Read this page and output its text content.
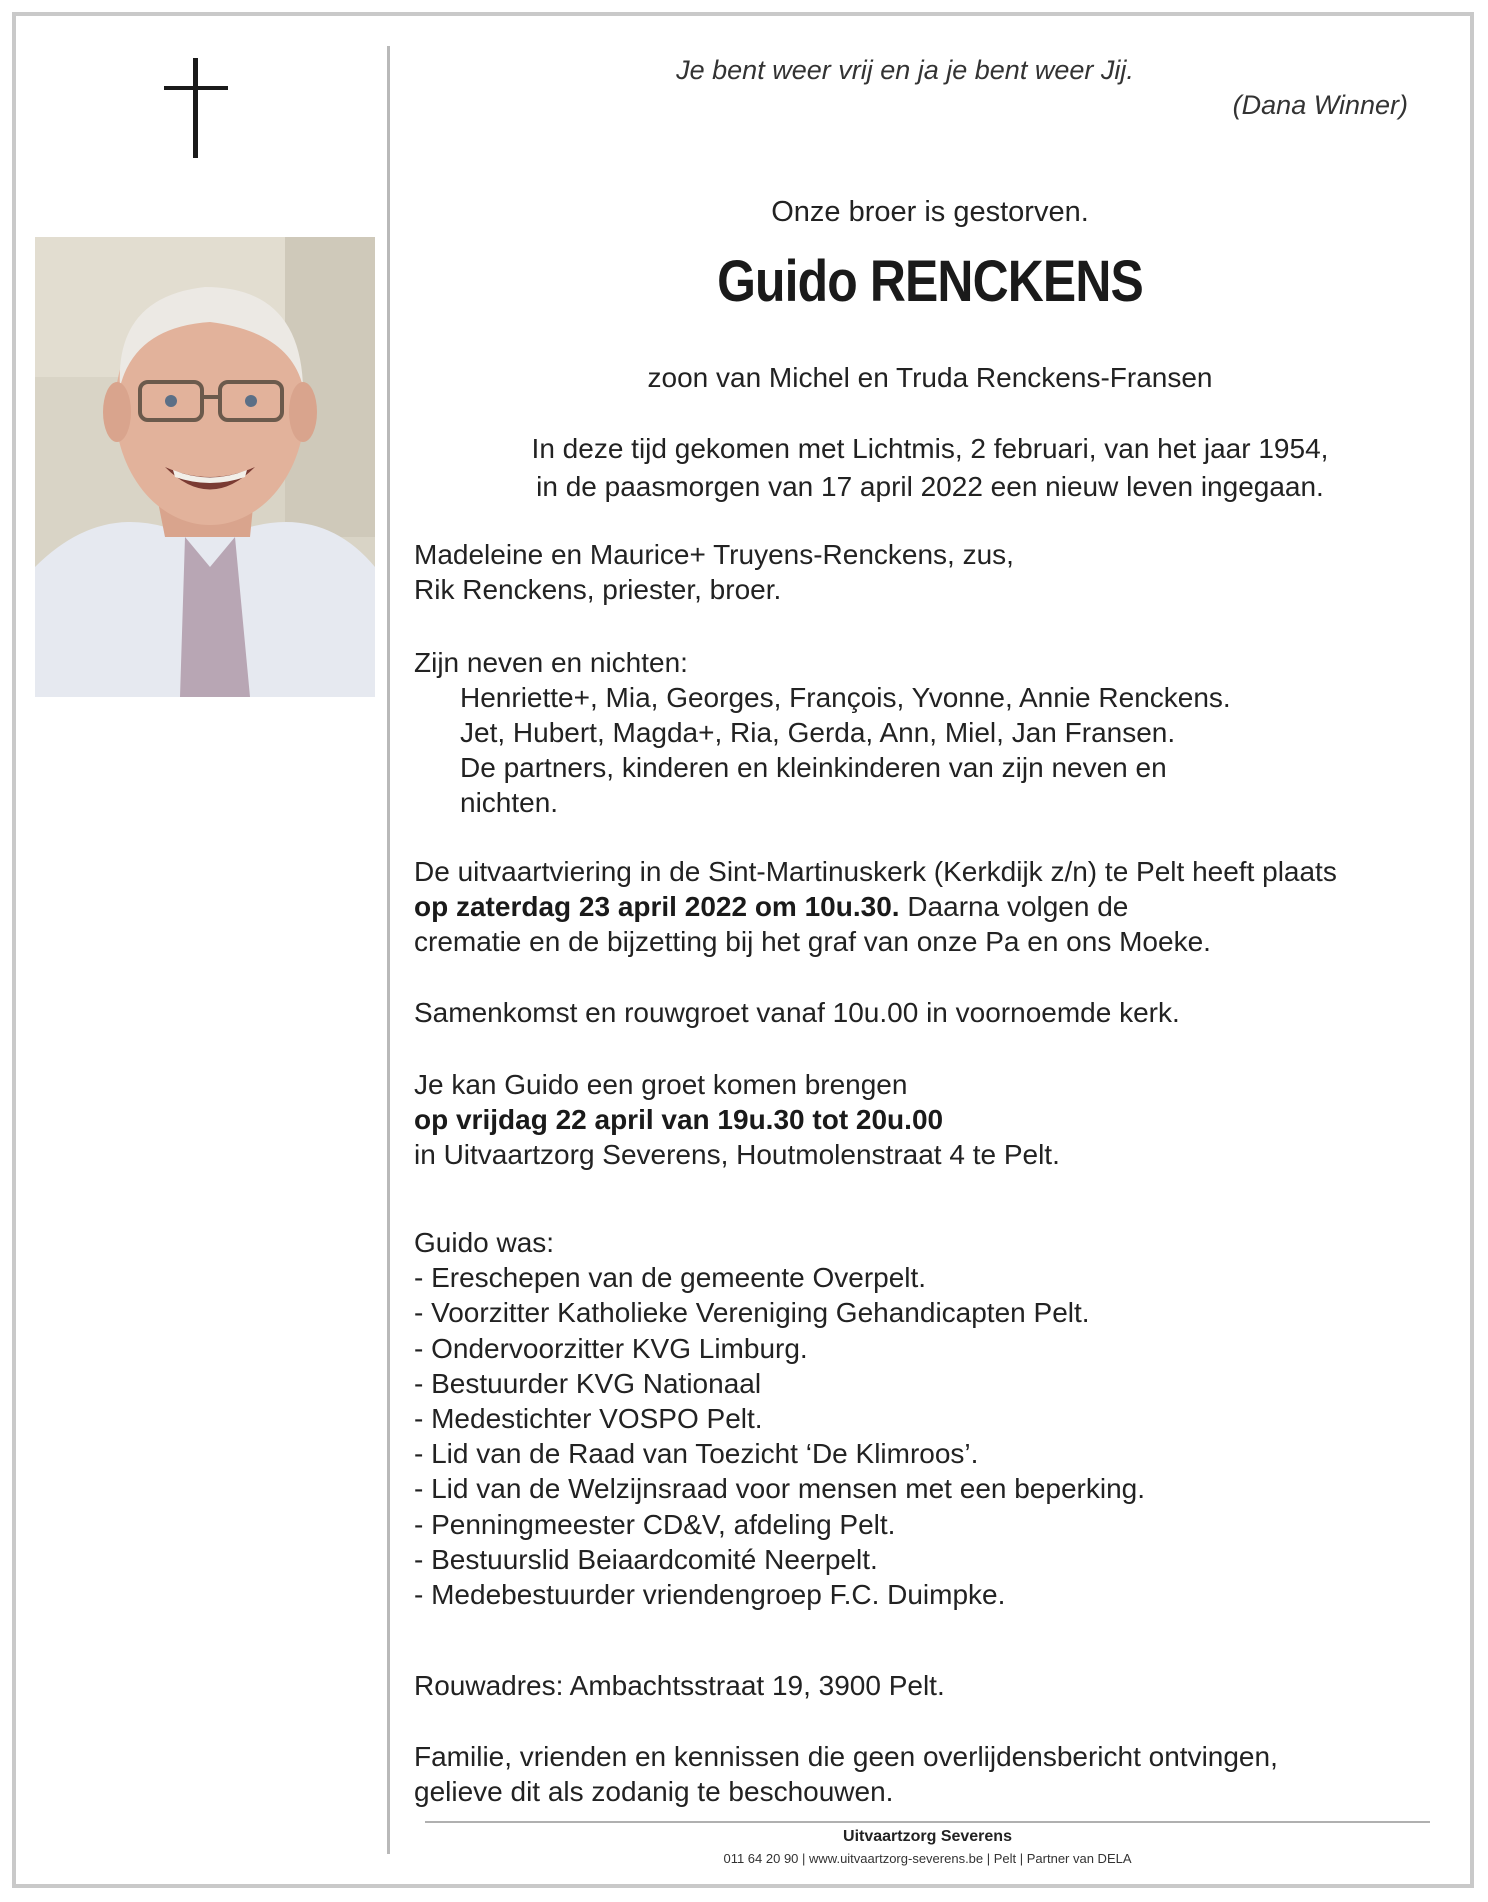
Je bent weer vrij en ja je bent weer Jij.

(Dana Winner)

Onze broer is gestorven.

Guido RENCKENS

zoon van Michel en Truda Renckens-Fransen

In deze tijd gekomen met Lichtmis, 2 februari, van het jaar 1954,
in de paasmorgen van 17 april 2022 een nieuw leven ingegaan.

Madeleine en Maurice+ Truyens-Renckens, zus,
Rik Renckens, priester, broer.

Zijn neven en nichten:
Henriette+, Mia, Georges, François, Yvonne, Annie Renckens.
Jet, Hubert, Magda+, Ria, Gerda, Ann, Miel, Jan Fransen.
De partners, kinderen en kleinkinderen van zijn neven en
nichten.

De uitvaartviering in de Sint-Martinuskerk (Kerkdijk z/n) te Pelt heeft plaats
op zaterdag 23 april 2022 om 10u.30. Daarna volgen de
crematie en de bijzetting bij het graf van onze Pa en ons Moeke.

Samenkomst en rouwgroet vanaf 10u.00 in voornoemde kerk.

Je kan Guido een groet komen brengen
op vrijdag 22 april van 19u.30 tot 20u.00
in Uitvaartzorg Severens, Houtmolenstraat 4 te Pelt.

Guido was:
- Ereschepen van de gemeente Overpelt.
- Voorzitter Katholieke Vereniging Gehandicapten Pelt.
- Ondervoorzitter KVG Limburg.
- Bestuurder KVG Nationaal
- Medestichter VOSPO Pelt.
- Lid van de Raad van Toezicht ‘De Klimroos’.
- Lid van de Welzijnsraad voor mensen met een beperking.
- Penningmeester CD&V, afdeling Pelt.
- Bestuurslid Beiaardcomité Neerpelt.
- Medebestuurder vriendengroep F.C. Duimpke.

Rouwadres: Ambachtsstraat 19, 3900 Pelt.

Familie, vrienden en kennissen die geen overlijdensbericht ontvingen,
gelieve dit als zodanig te beschouwen.

Uitvaartzorg Severens

011 64 20 90 | www.uitvaartzorg-severens.be | Pelt | Partner van DELA
